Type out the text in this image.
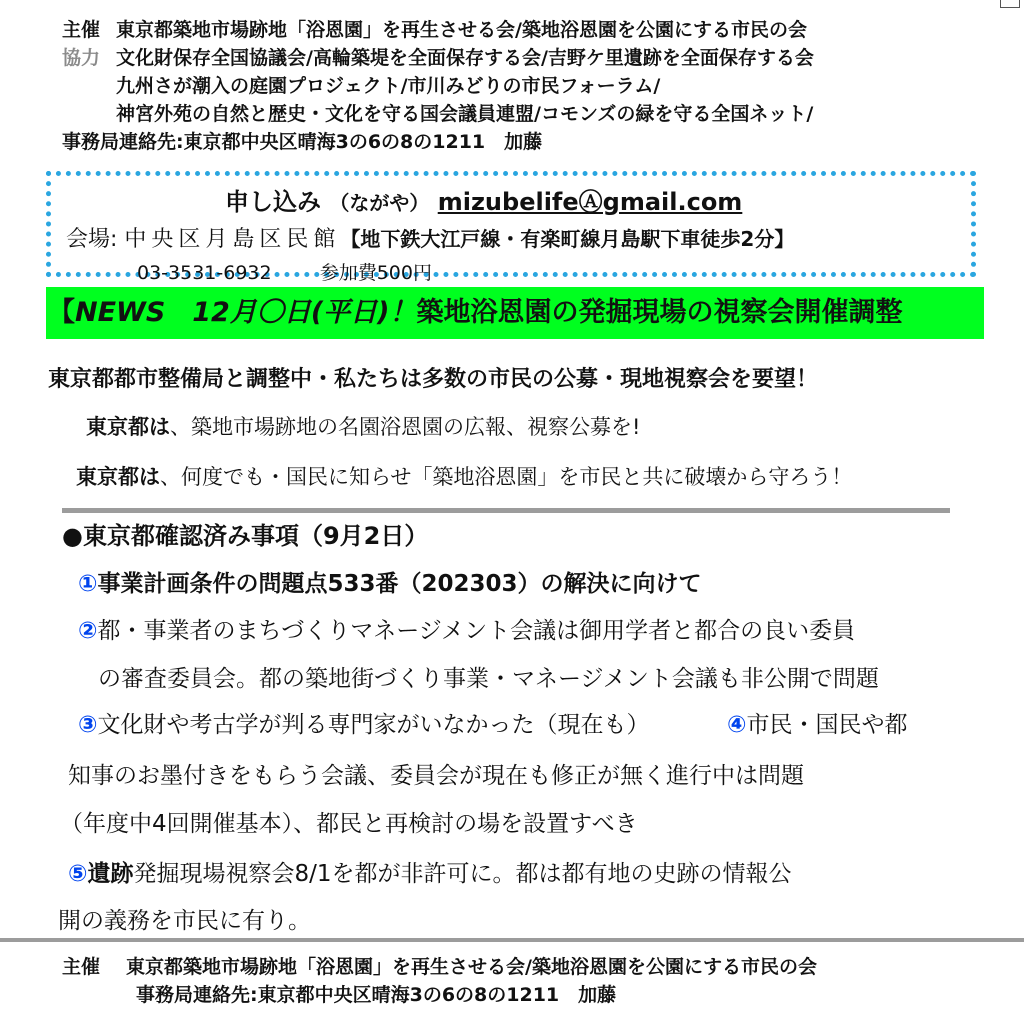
主催 東京都築地市場跡地「浴恩園」を再生させる会/築地浴恩園を公園にする市民の会
協力 文化財保存全国協議会/高輪築堤を全面保存する会/吉野ケ里遺跡を全面保存する会
九州さが潮入の庭園プロジェクト/市川みどりの市民フォーラム/
神宮外苑の自然と歴史・文化を守る国会議員連盟/コモンズの緑を守る全国ネット/
事務局連絡先:東京都中央区晴海3の6の8の1211　加藤
申し込み （ながや） mizubelifeⒶgmail.com
会場: 中央区月島区民館【地下鉄大江戸線・有楽町線月島駅下車徒歩2分】
03-3531-6932	参加費500円
【NEWS　12月〇日(平日)！築地浴恩園の発掘現場の視察会開催調整
東京都都市整備局と調整中・私たちは多数の市民の公募・現地視察会を要望！
東京都は、築地市場跡地の名園浴恩園の広報、視察公募を!
東京都は、何度でも・国民に知らせ「築地浴恩園」を市民と共に破壊から守ろう！
●東京都確認済み事項（9月2日）
①事業計画条件の問題点533番（202303）の解決に向けて
②都・事業者のまちづくりマネージメント会議は御用学者と都合の良い委員
の審査委員会。都の築地街づくり事業・マネージメント会議も非公開で問題
③文化財や考古学が判る専門家がいなかった（現在も）	④市民・国民や都
知事のお墨付きをもらう会議、委員会が現在も修正が無く進行中は問題
（年度中4回開催基本）、都民と再検討の場を設置すべき
⑤遺跡発掘現場視察会8/1を都が非許可に。都は都有地の史跡の情報公
開の義務を市民に有り。
主催 東京都築地市場跡地「浴恩園」を再生させる会/築地浴恩園を公園にする市民の会
事務局連絡先:東京都中央区晴海3の6の8の1211　加藤
